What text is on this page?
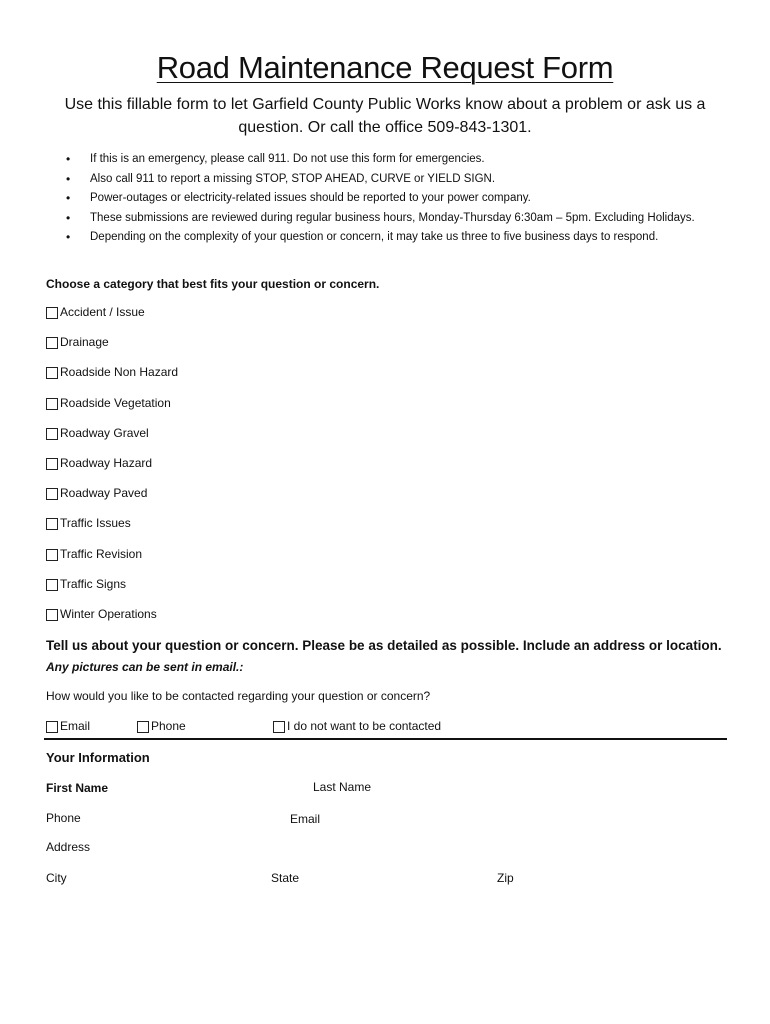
Road Maintenance Request Form
Use this fillable form to let Garfield County Public Works know about a problem or ask us a question. Or call the office 509-843-1301.
• If this is an emergency, please call 911. Do not use this form for emergencies.
• Also call 911 to report a missing STOP, STOP AHEAD, CURVE or YIELD SIGN.
• Power-outages or electricity-related issues should be reported to your power company.
• These submissions are reviewed during regular business hours, Monday-Thursday 6:30am – 5pm. Excluding Holidays.
• Depending on the complexity of your question or concern, it may take us three to five business days to respond.
Choose a category that best fits your question or concern.
Accident / Issue
Drainage
Roadside Non Hazard
Roadside Vegetation
Roadway Gravel
Roadway Hazard
Roadway Paved
Traffic Issues
Traffic Revision
Traffic Signs
Winter Operations
Tell us about your question or concern. Please be as detailed as possible. Include an address or location.
Any pictures can be sent in email.:
How would you like to be contacted regarding your question or concern?
Email	Phone	I do not want to be contacted
Your Information
First Name	Last Name
Phone	Email
Address
City	State	Zip
